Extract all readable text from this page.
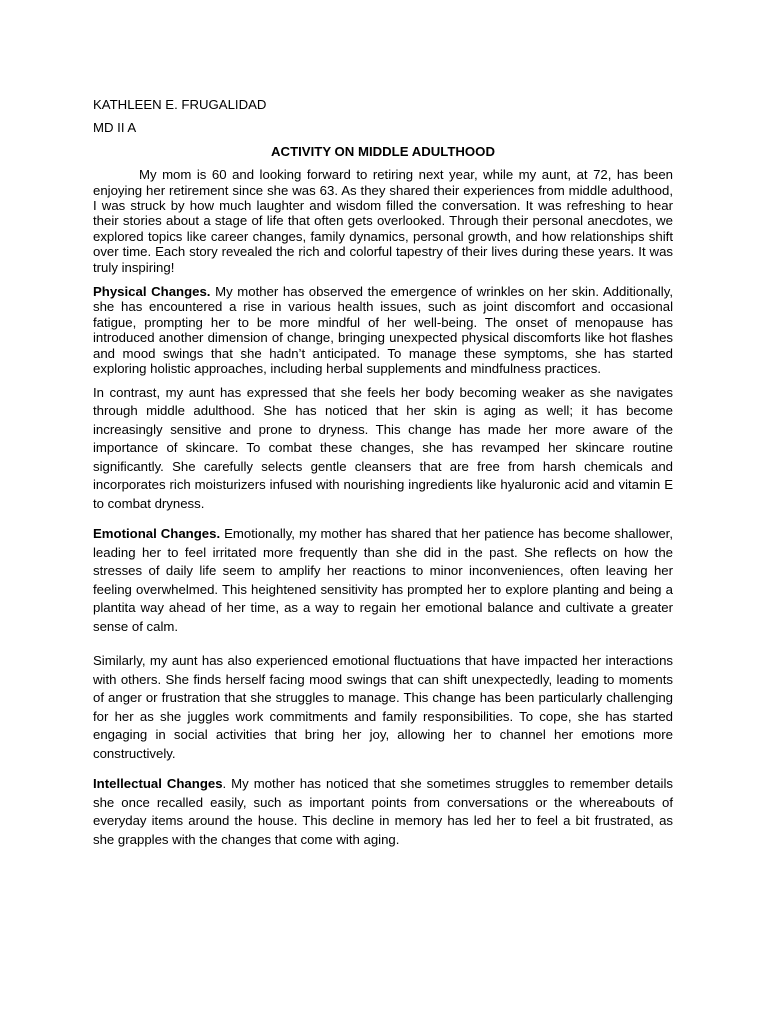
KATHLEEN E. FRUGALIDAD
MD II A
ACTIVITY ON MIDDLE ADULTHOOD

My mom is 60 and looking forward to retiring next year, while my aunt, at 72, has been enjoying her retirement since she was 63. As they shared their experiences from middle adulthood, I was struck by how much laughter and wisdom filled the conversation. It was refreshing to hear their stories about a stage of life that often gets overlooked. Through their personal anecdotes, we explored topics like career changes, family dynamics, personal growth, and how relationships shift over time. Each story revealed the rich and colorful tapestry of their lives during these years. It was truly inspiring!

Physical Changes. My mother has observed the emergence of wrinkles on her skin. Additionally, she has encountered a rise in various health issues, such as joint discomfort and occasional fatigue, prompting her to be more mindful of her well-being. The onset of menopause has introduced another dimension of change, bringing unexpected physical discomforts like hot flashes and mood swings that she hadn’t anticipated. To manage these symptoms, she has started exploring holistic approaches, including herbal supplements and mindfulness practices.

In contrast, my aunt has expressed that she feels her body becoming weaker as she navigates through middle adulthood. She has noticed that her skin is aging as well; it has become increasingly sensitive and prone to dryness. This change has made her more aware of the importance of skincare. To combat these changes, she has revamped her skincare routine significantly. She carefully selects gentle cleansers that are free from harsh chemicals and incorporates rich moisturizers infused with nourishing ingredients like hyaluronic acid and vitamin E to combat dryness.

Emotional Changes. Emotionally, my mother has shared that her patience has become shallower, leading her to feel irritated more frequently than she did in the past. She reflects on how the stresses of daily life seem to amplify her reactions to minor inconveniences, often leaving her feeling overwhelmed. This heightened sensitivity has prompted her to explore planting and being a plantita way ahead of her time, as a way to regain her emotional balance and cultivate a greater sense of calm.

Similarly, my aunt has also experienced emotional fluctuations that have impacted her interactions with others. She finds herself facing mood swings that can shift unexpectedly, leading to moments of anger or frustration that she struggles to manage. This change has been particularly challenging for her as she juggles work commitments and family responsibilities. To cope, she has started engaging in social activities that bring her joy, allowing her to channel her emotions more constructively.

Intellectual Changes. My mother has noticed that she sometimes struggles to remember details she once recalled easily, such as important points from conversations or the whereabouts of everyday items around the house. This decline in memory has led her to feel a bit frustrated, as she grapples with the changes that come with aging.
